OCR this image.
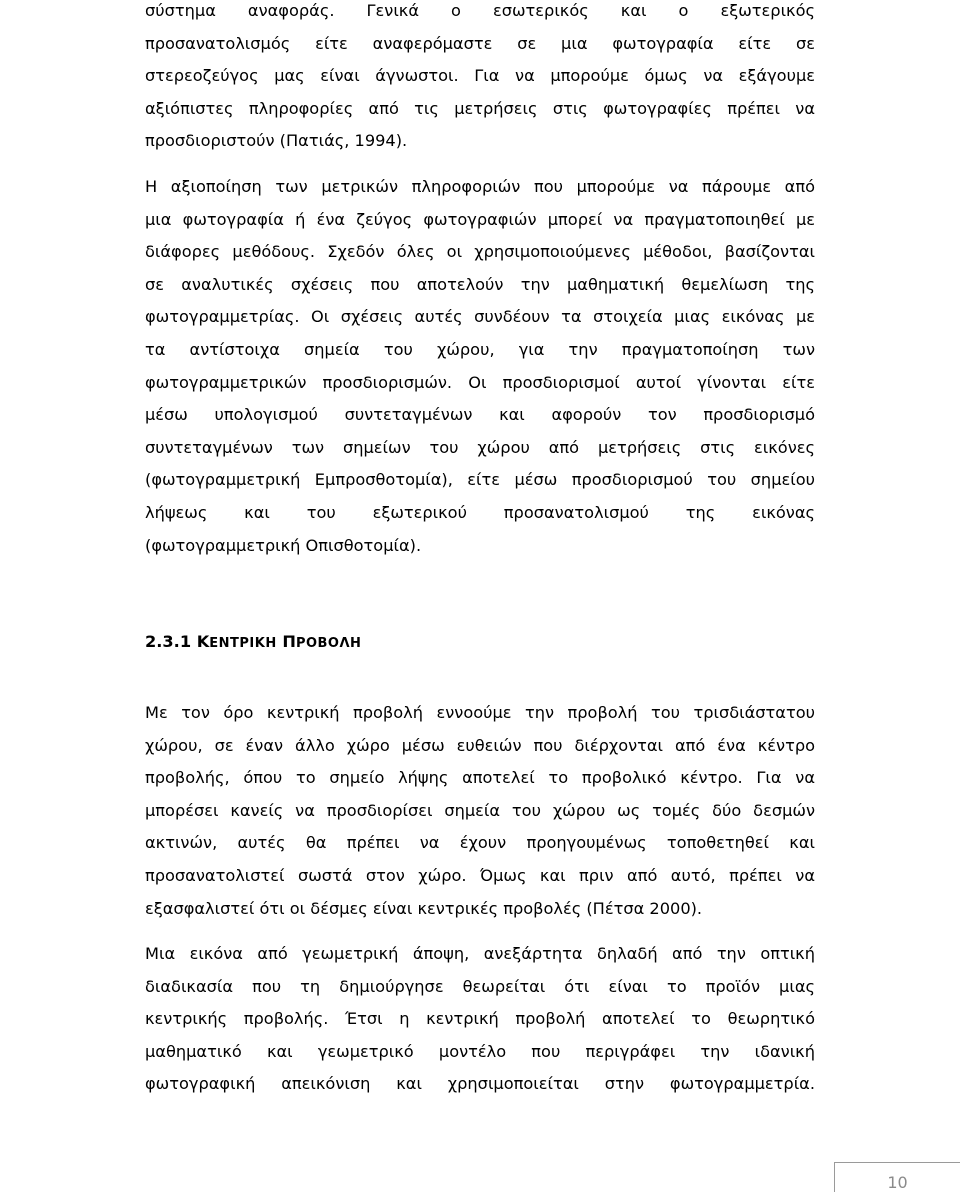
σύστημα αναφοράς. Γενικά ο εσωτερικός και ο εξωτερικός
προσανατολισμός είτε αναφερόμαστε σε μια φωτογραφία είτε σε
στερεοζεύγος μας είναι άγνωστοι. Για να μπορούμε όμως να εξάγουμε
αξιόπιστες πληροφορίες από τις μετρήσεις στις φωτογραφίες πρέπει να
προσδιοριστούν (Πατιάς, 1994).
Η αξιοποίηση των μετρικών πληροφοριών που μπορούμε να πάρουμε από
μια φωτογραφία ή ένα ζεύγος φωτογραφιών μπορεί να πραγματοποιηθεί με
διάφορες μεθόδους. Σχεδόν όλες οι χρησιμοποιούμενες μέθοδοι, βασίζονται
σε αναλυτικές σχέσεις που αποτελούν την μαθηματική θεμελίωση της
φωτογραμμετρίας. Οι σχέσεις αυτές συνδέουν τα στοιχεία μιας εικόνας με
τα αντίστοιχα σημεία του χώρου, για την πραγματοποίηση των
φωτογραμμετρικών προσδιορισμών. Οι προσδιορισμοί αυτοί γίνονται είτε
μέσω υπολογισμού συντεταγμένων και αφορούν τον προσδιορισμό
συντεταγμένων των σημείων του χώρου από μετρήσεις στις εικόνες
(φωτογραμμετρική Εμπροσθοτομία), είτε μέσω προσδιορισμού του σημείου
λήψεως και του εξωτερικού προσανατολισμού της εικόνας
(φωτογραμμετρική Οπισθοτομία).
2.3.1 ΚΕΝΤΡΙΚΗ ΠΡΟΒΟΛΗ
Με τον όρο κεντρική προβολή εννοούμε την προβολή του τρισδιάστατου
χώρου, σε έναν άλλο χώρο μέσω ευθειών που διέρχονται από ένα κέντρο
προβολής, όπου το σημείο λήψης αποτελεί το προβολικό κέντρο. Για να
μπορέσει κανείς να προσδιορίσει σημεία του χώρου ως τομές δύο δεσμών
ακτινών, αυτές θα πρέπει να έχουν προηγουμένως τοποθετηθεί και
προσανατολιστεί σωστά στον χώρο. Όμως και πριν από αυτό, πρέπει να
εξασφαλιστεί ότι οι δέσμες είναι κεντρικές προβολές (Πέτσα 2000).
Μια εικόνα από γεωμετρική άποψη, ανεξάρτητα δηλαδή από την οπτική
διαδικασία που τη δημιούργησε θεωρείται ότι είναι το προϊόν μιας
κεντρικής προβολής. Έτσι η κεντρική προβολή αποτελεί το θεωρητικό
μαθηματικό και γεωμετρικό μοντέλο που περιγράφει την ιδανική
φωτογραφική απεικόνιση και χρησιμοποιείται στην φωτογραμμετρία.
10
